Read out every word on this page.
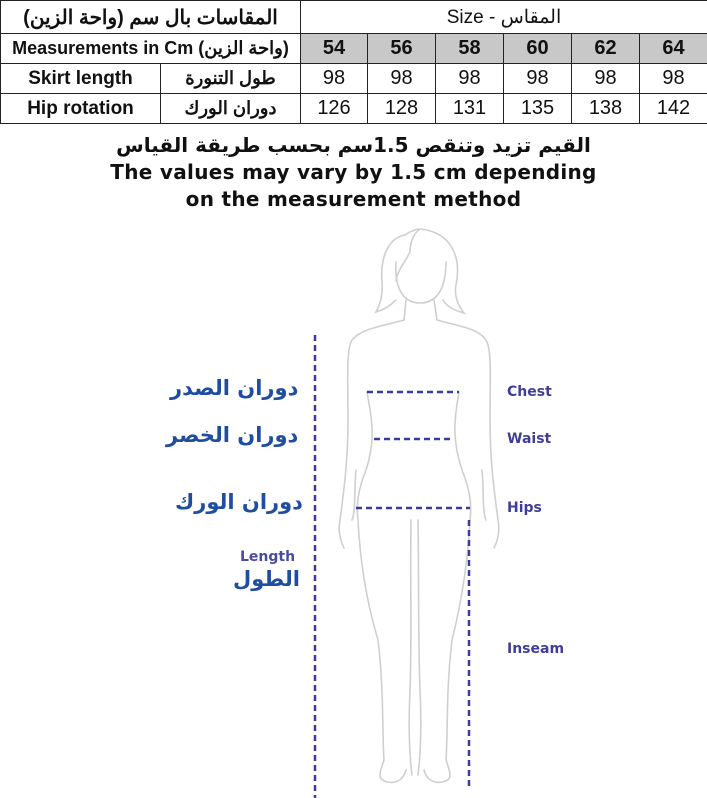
المقاسات بال سم (واحة الزين)		المقاس - Size					
Measurements in Cm (واحة الزين)		54	56	58	60	62	64
Skirt length	طول التنورة	98	98	98	98	98	98
Hip rotation	دوران الورك	126	128	131	135	138	142
القيم تزيد وتنقص 1.5سم بحسب طريقة القياس
The values may vary by 1.5 cm depending
on the measurement method
دوران الصدر
دوران الخصر
دوران الورك
Length
الطول
Chest
Waist
Hips
Inseam
